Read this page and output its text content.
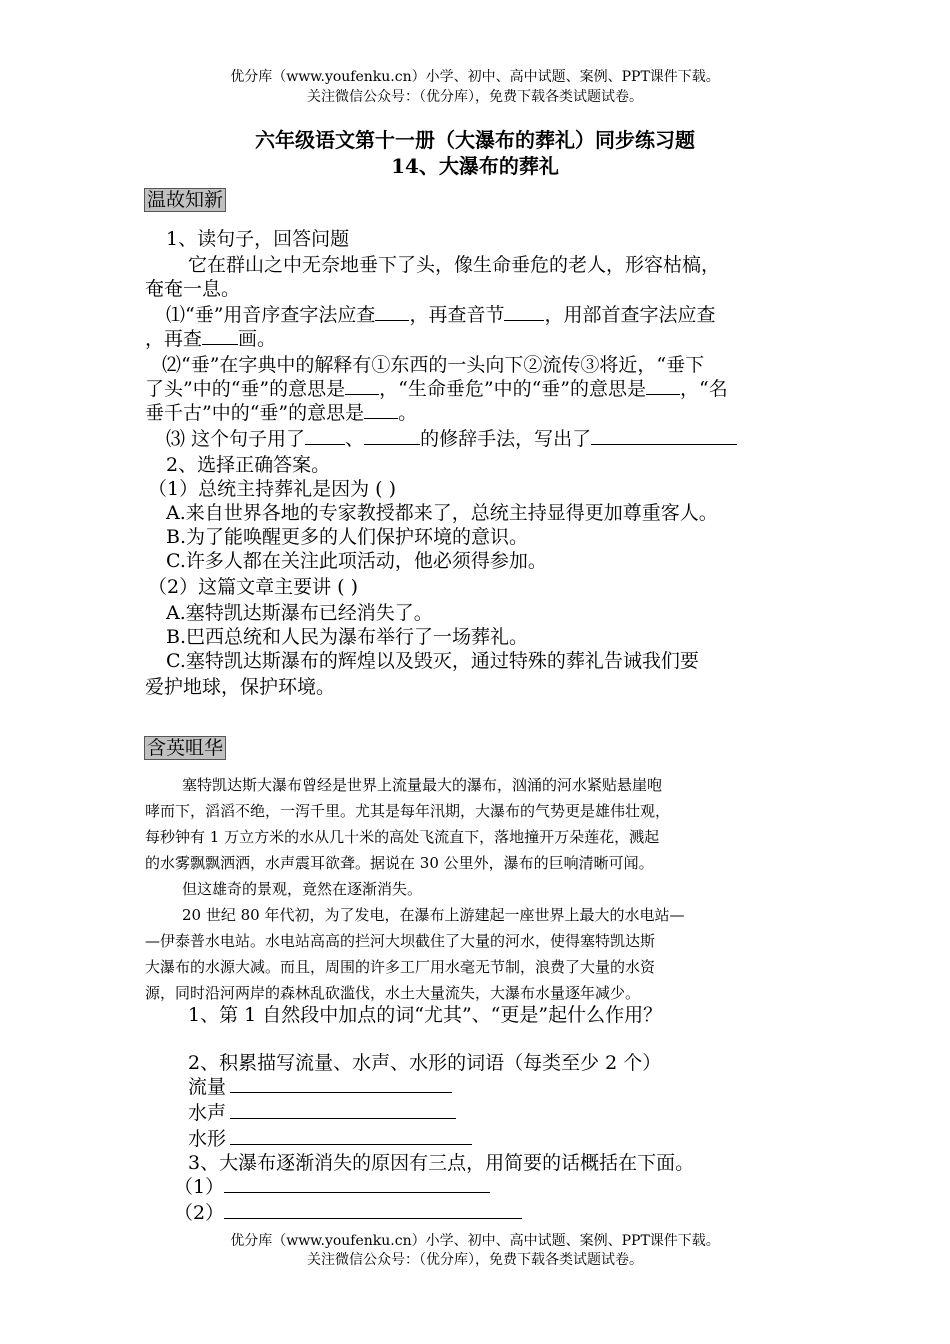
优分库（www.youfenku.cn）小学、初中、高中试题、案例、PPT课件下载。
关注微信公众号：（优分库），免费下载各类试题试卷。
六年级语文第十一册（大瀑布的葬礼）同步练习题
14、大瀑布的葬礼
温故知新
1、读句子，回答问题
它在群山之中无奈地垂下了头，像生命垂危的老人，形容枯槁，
奄奄一息。
⑴“垂”用音序查字法应查 ，再查音节 ，用部首查字法应查
，再查 画。
⑵“垂”在字典中的解释有①东西的一头向下②流传③将近，“垂下
了头”中的“垂”的意思是 ，“生命垂危”中的“垂”的意思是 ，“名
垂千古”中的“垂”的意思是 。
⑶ 这个句子用了 、	的修辞手法，写出了
2、选择正确答案。
（1）总统主持葬礼是因为 ( )
A.来自世界各地的专家教授都来了，总统主持显得更加尊重客人。
B.为了能唤醒更多的人们保护环境的意识。
C.许多人都在关注此项活动，他必须得参加。
（2）这篇文章主要讲 ( )
A.塞特凯达斯瀑布已经消失了。
B.巴西总统和人民为瀑布举行了一场葬礼。
C.塞特凯达斯瀑布的辉煌以及毁灭，通过特殊的葬礼告诫我们要
爱护地球，保护环境。
含英咀华
塞特凯达斯大瀑布曾经是世界上流量最大的瀑布，汹涌的河水紧贴悬崖咆
哮而下，滔滔不绝，一泻千里。尤其是每年汛期，大瀑布的气势更是雄伟壮观，
每秒钟有 1 万立方米的水从几十米的高处飞流直下，落地撞开万朵莲花，溅起
的水雾飘飘洒洒，水声震耳欲聋。据说在 30 公里外，瀑布的巨响清晰可闻。
但这雄奇的景观，竟然在逐渐消失。
20 世纪 80 年代初，为了发电，在瀑布上游建起一座世界上最大的水电站—
—伊泰普水电站。水电站高高的拦河大坝截住了大量的河水，使得塞特凯达斯
大瀑布的水源大减。而且，周围的许多工厂用水毫无节制，浪费了大量的水资
源，同时沿河两岸的森林乱砍滥伐，水土大量流失，大瀑布水量逐年减少。
1、第 1 自然段中加点的词“尤其”、“更是”起什么作用？
2、积累描写流量、水声、水形的词语（每类至少 2 个）
流量
水声
水形
3、大瀑布逐渐消失的原因有三点，用简要的话概括在下面。
（1）
（2）
优分库（www.youfenku.cn）小学、初中、高中试题、案例、PPT课件下载。
关注微信公众号：（优分库），免费下载各类试题试卷。
